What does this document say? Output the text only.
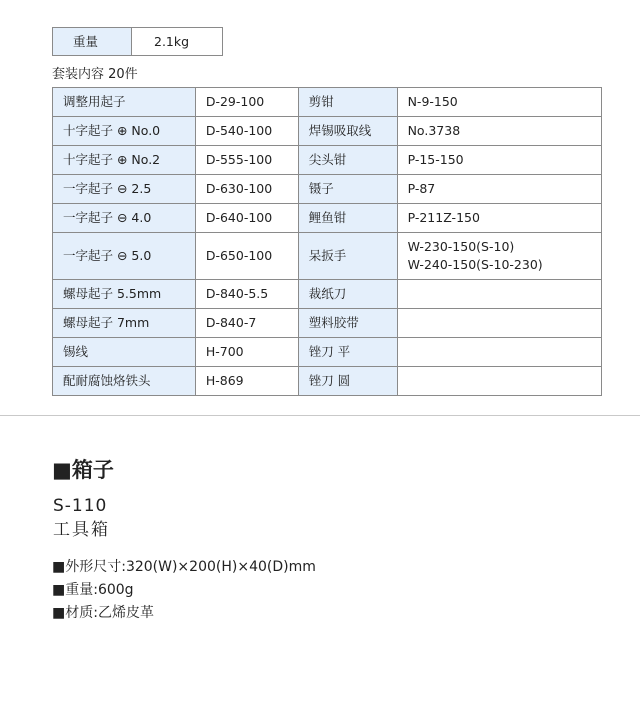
重量	2.1kg
套装内容 20件
调整用起子	D-29-100	剪钳	N-9-150
十字起子 ⊕ No.0	D-540-100	焊锡吸取线	No.3738
十字起子 ⊕ No.2	D-555-100	尖头钳	P-15-150
一字起子 ⊖ 2.5	D-630-100	镊子	P-87
一字起子 ⊖ 4.0	D-640-100	鲤鱼钳	P-211Z-150
一字起子 ⊖ 5.0	D-650-100	呆扳手	W-230-150(S-10)
W-240-150(S-10-230)
螺母起子 5.5mm	D-840-5.5	裁纸刀	
螺母起子 7mm	D-840-7	塑料胶带	
锡线	H-700	锉刀 平	
配耐腐蚀烙铁头	H-869	锉刀 圆	
■箱子
S-110
工具箱
■外形尺寸:320(W)×200(H)×40(D)mm
■重量:600g
■材质:乙烯皮革
